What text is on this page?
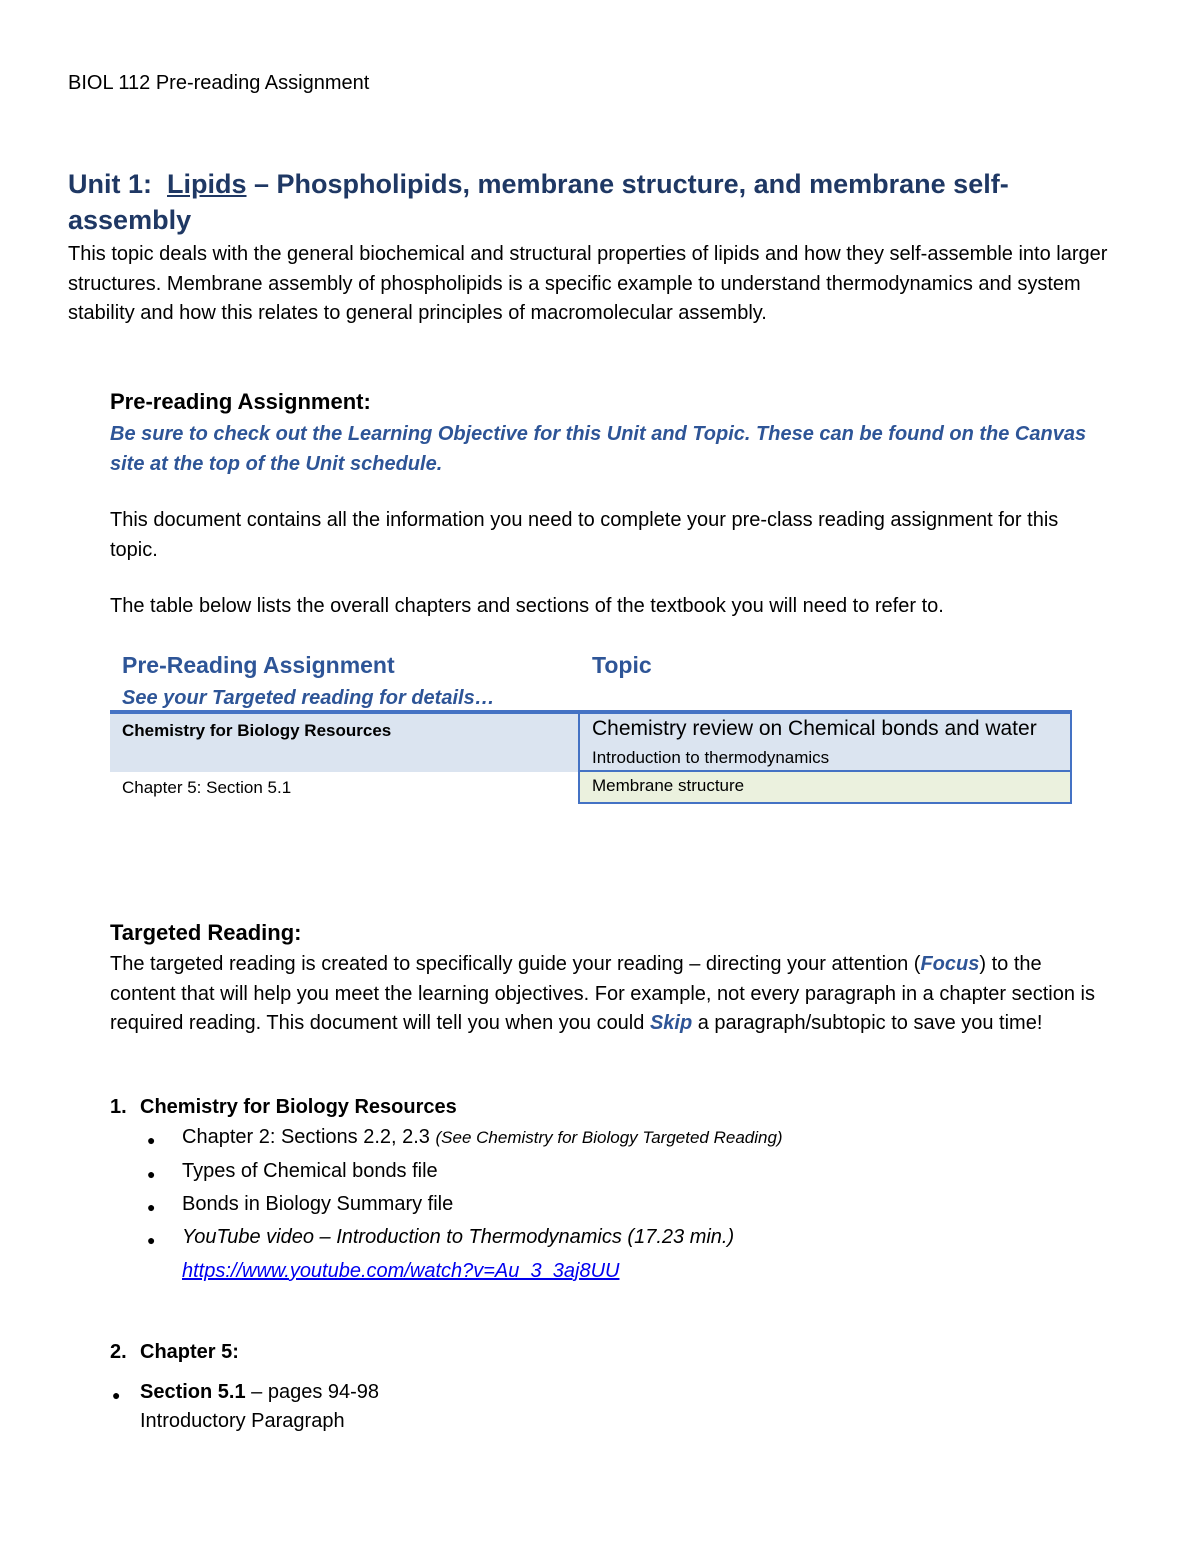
BIOL 112 Pre-reading Assignment
Unit 1: Lipids – Phospholipids, membrane structure, and membrane self-assembly
This topic deals with the general biochemical and structural properties of lipids and how they self-assemble into larger structures. Membrane assembly of phospholipids is a specific example to understand thermodynamics and system stability and how this relates to general principles of macromolecular assembly.
Pre-reading Assignment:
Be sure to check out the Learning Objective for this Unit and Topic. These can be found on the Canvas site at the top of the Unit schedule.
This document contains all the information you need to complete your pre-class reading assignment for this topic.
The table below lists the overall chapters and sections of the textbook you will need to refer to.
Pre-Reading Assignment
See your Targeted reading for details…
Topic
Chemistry for Biology Resources	Chemistry review on Chemical bonds and water
Introduction to thermodynamics
Chapter 5: Section 5.1	Membrane structure
Targeted Reading:
The targeted reading is created to specifically guide your reading – directing your attention (Focus) to the content that will help you meet the learning objectives. For example, not every paragraph in a chapter section is required reading. This document will tell you when you could Skip a paragraph/subtopic to save you time!
1. Chemistry for Biology Resources
● Chapter 2: Sections 2.2, 2.3 (See Chemistry for Biology Targeted Reading)
● Types of Chemical bonds file
● Bonds in Biology Summary file
● YouTube video – Introduction to Thermodynamics (17.23 min.)
https://www.youtube.com/watch?v=Au_3_3aj8UU
2. Chapter 5:
● Section 5.1 – pages 94-98
Introductory Paragraph
